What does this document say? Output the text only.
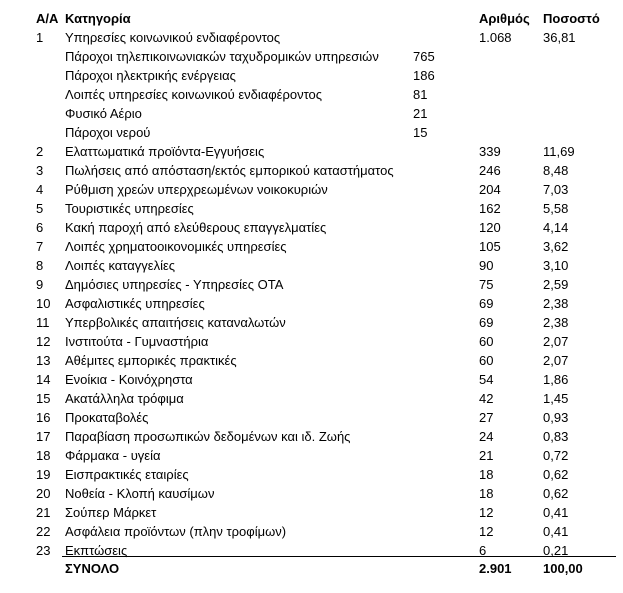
Α/Α Κατηγορία	Αριθμός Ποσοστό
1 Υπηρεσίες κοινωνικού ενδιαφέροντος	1.068 36,81
Πάροχοι τηλεπικοινωνιακών ταχυδρομικών υπηρεσιών	765
Πάροχοι ηλεκτρικής ενέργειας	186
Λοιπές υπηρεσίες κοινωνικού ενδιαφέροντος	81
Φυσικό Αέριο	21
Πάροχοι νερού	15
2 Ελαττωματικά προϊόντα-Εγγυήσεις	339	11,69
3 Πωλήσεις από απόσταση/εκτός εμπορικού καταστήματος	246	8,48
4 Ρύθμιση χρεών υπερχρεωμένων νοικοκυριών	204	7,03
5 Τουριστικές υπηρεσίες	162	5,58
6 Κακή παροχή από ελεύθερους επαγγελματίες	120	4,14
7 Λοιπές χρηματοοικονομικές υπηρεσίες	105	3,62
8 Λοιπές καταγγελίες	90	3,10
9 Δημόσιες υπηρεσίες - Υπηρεσίες ΟΤΑ	75	2,59
10 Ασφαλιστικές υπηρεσίες	69	2,38
11 Υπερβολικές απαιτήσεις καταναλωτών	69	2,38
12 Ινστιτούτα - Γυμναστήρια	60	2,07
13 Αθέμιτες εμπορικές πρακτικές	60	2,07
14 Ενοίκια - Κοινόχρηστα	54	1,86
15 Ακατάλληλα τρόφιμα	42	1,45
16 Προκαταβολές	27	0,93
17 Παραβίαση προσωπικών δεδομένων και ιδ. Ζωής	24	0,83
18 Φάρμακα - υγεία	21	0,72
19 Εισπρακτικές εταιρίες	18	0,62
20 Νοθεία - Κλοπή καυσίμων	18	0,62
21 Σούπερ Μάρκετ	12	0,41
22 Ασφάλεια προϊόντων (πλην τροφίμων)	12	0,41
23 Εκπτώσεις	6	0,21
ΣΥΝΟΛΟ	2.901 100,00
